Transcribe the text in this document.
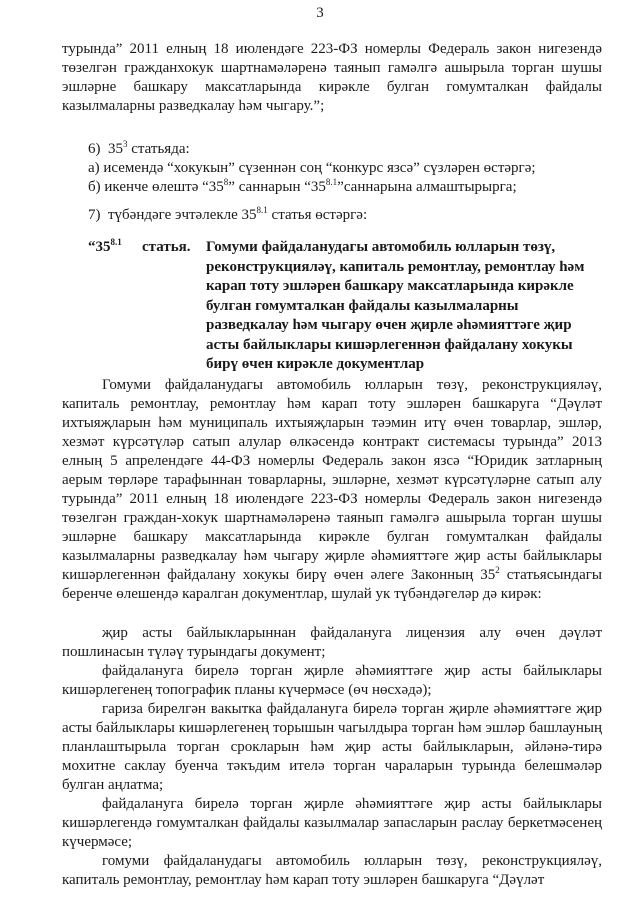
3

турында” 2011 елның 18 июлендәге 223-ФЗ номерлы Федераль закон нигезендә төзелгән гражданхокук шартнамәләренә таянып гамәлгә ашырыла торган шушы эшләрне башкару максатларында кирәкле булган гомумталкан файдалы казылмаларны разведкалау һәм чыгару.”;

6) $35^3$ статьяда:
а) исемендә “хокукын” сүзеннән соң “конкурс язсә” сүзләрен өстәргә;
б) икенче өлештә “$35^8$” саннарын “$35^{8.1}”саннарына$ алмаштырырга;
7) түбәндәге эчтәлекле $35^{8.1}$ статья өстәргә:
“$35^{8.1}$ статья. Гомуми файдаланудагы автомобиль юлларын төзү,
реконструкцияләү, капиталь ремонтлау, ремонтлау һәм
карап тоту эшләрен башкару максатларында кирәкле
булган гомумталкан файдалы казылмаларны
разведкалау һәм чыгару өчен җирле әһәмияттәге җир
асты байлыклары кишәрлегеннән файдалану хокукы
бирү өчен кирәкле документлар

Гомуми файдаланудагы автомобиль юлларын төзү, реконструкцияләү, капиталь ремонтлау, ремонтлау һәм карап тоту эшләрен башкаруга “Дәүләт ихтыяҗларын һәм муниципаль ихтыяҗларын тәэмин итү өчен товарлар, эшләр, хезмәт күрсәтүләр сатып алулар өлкәсендә контракт системасы турында” 2013 елның 5 апрелендәге 44-ФЗ номерлы Федераль закон язсә “Юридик затларның аерым төрләре тарафыннан товарларны, эшләрне, хезмәт күрсәтүләрне сатып алу турында” 2011 елның 18 июлендәге 223-ФЗ номерлы Федераль закон нигезендә төзелгән граждан-хокук шартнамәләренә таянып гамәлгә ашырыла торган шушы эшләрне башкару максатларында кирәкле булган гомумталкан файдалы казылмаларны разведкалау һәм чыгару җирле әһәмияттәге җир асты байлыклары кишәрлегеннән файдалану хокукы бирү өчен әлеге Законның $35^2$ статьясындагы беренче өлешендә каралган документлар, шулай ук түбәндәгеләр дә кирәк:

җир асты байлыкларыннан файдалануга лицензия алу өчен дәүләт пошлинасын түләү турындагы документ;

файдалануга бирелә торган җирле әһәмияттәге җир асты байлыклары кишәрлегенең топографик планы күчермәсе (өч нөсхәдә);

гариза бирелгән вакытка файдалануга бирелә торган җирле әһәмияттәге җир асты байлыклары кишәрлегенең торышын чагылдыра торган һәм эшләр башлауның планлаштырыла торган срокларын һәм җир асты байлыкларын, әйләнә-тирә мохитне саклау буенча тәкъдим ителә торган чараларын турында белешмәләр булган аңлатма;

файдалануга бирелә торган җирле әһәмияттәге җир асты байлыклары кишәрлегендә гомумталкан файдалы казылмалар запасларын раслау беркетмәсенең күчермәсе;

гомуми файдаланудагы автомобиль юлларын төзү, реконструкцияләү, капиталь ремонтлау, ремонтлау һәм карап тоту эшләрен башкаруга “Дәүләт
